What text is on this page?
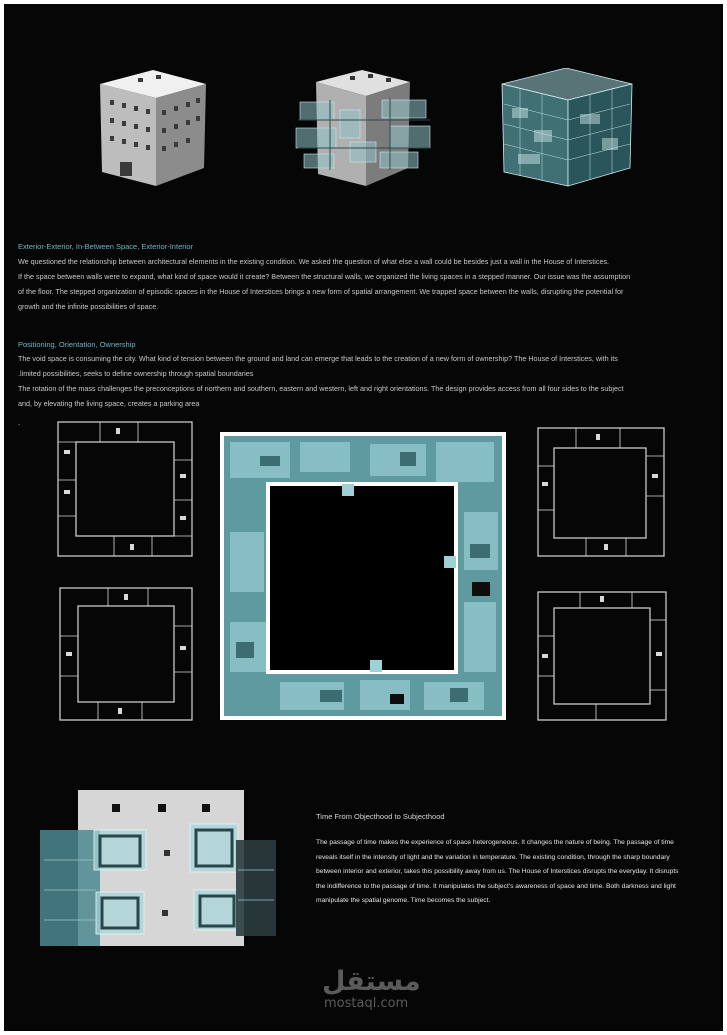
Exterior-Exterior, In-Between Space, Exterior-Interior

We questioned the relationship between architectural elements in the existing condition. We asked the question of what else a wall could be besides just a wall in the House of Interstices.
If the space between walls were to expand, what kind of space would it create? Between the structural walls, we organized the living spaces in a stepped manner. Our issue was the assumption
of the floor. The stepped organization of episodic spaces in the House of Interstices brings a new form of spatial arrangement. We trapped space between the walls, disrupting the potential for
growth and the infinite possibilities of space.

Positioning, Orientation, Ownership

The void space is consuming the city. What kind of tension between the ground and land can emerge that leads to the creation of a new form of ownership? The House of Interstices, with its
.limited possibilities, seeks to define ownership through spatial boundaries
The rotation of the mass challenges the preconceptions of northern and southern, eastern and western, left and right orientations. The design provides access from all four sides to the subject
and, by elevating the living space, creates a parking area

-
Time From Objecthood to Subjecthood

The passage of time makes the experience of space heterogeneous. It changes the nature of being. The passage of time
reveals itself in the intensity of light and the variation in temperature. The existing condition, through the sharp boundary
between interior and exterior, takes this possibility away from us. The House of Interstices disrupts the everyday. It disrupts
the indifference to the passage of time. It manipulates the subject's awareness of space and time. Both darkness and light
manipulate the spatial genome. Time becomes the subject.

مستقل
mostaql.com
